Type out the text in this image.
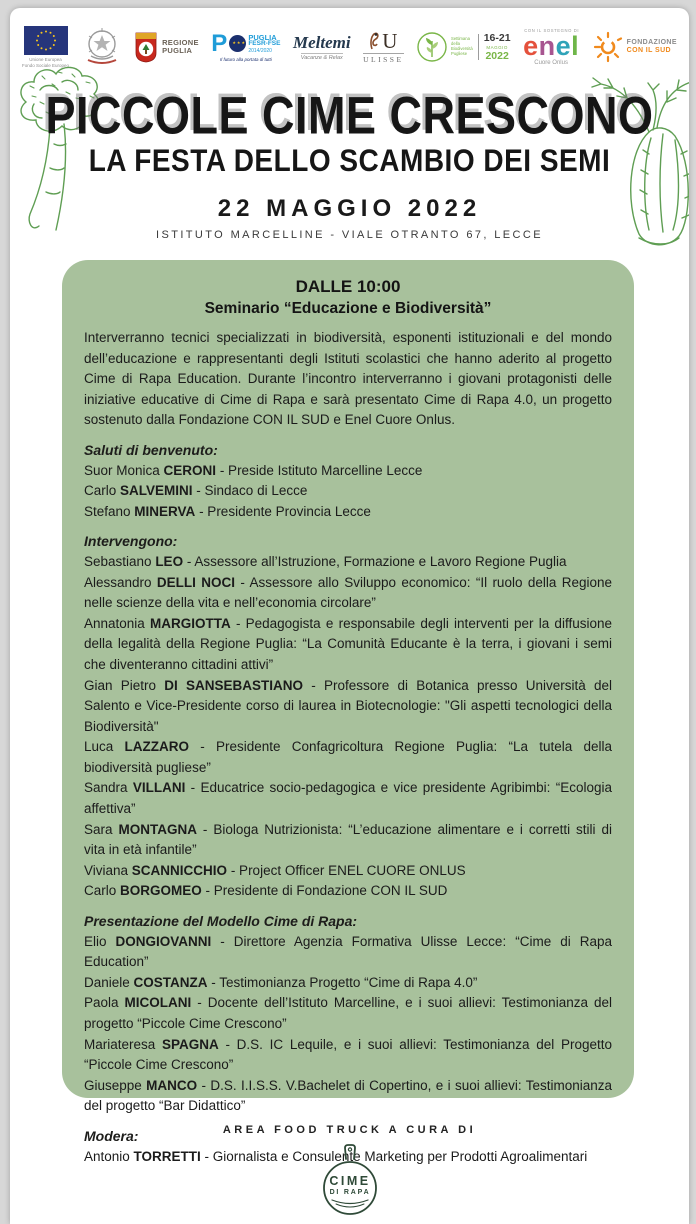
Unione Europea
Fondo Sociale Europeo
REGIONE
PUGLIA P ★★★
PUGLIA
FESR-FSE
2014/2020
Il futuro alla portata di tutti
Meltemi
Vacanze & Relax
U
ULISSE
Settimana
della
Biodiversità
Pugliese
16-21
MAGGIO
2022
CON IL SOSTEGNO DI
enel
Cuore Onlus
FONDAZIONE
CON IL SUD
PICCOLE CIME CRESCONO
LA FESTA DELLO SCAMBIO DEI SEMI
22 MAGGIO 2022
ISTITUTO MARCELLINE - VIALE OTRANTO 67, LECCE
DALLE 10:00
Seminario “Educazione e Biodiversità”
Interverranno tecnici specializzati in biodiversità, esponenti istituzionali e del mondo dell’educazione e rappresentanti degli Istituti scolastici che hanno aderito al progetto Cime di Rapa Education. Durante l’incontro interverranno i giovani protagonisti delle iniziative educative di Cime di Rapa e sarà presentato Cime di Rapa 4.0, un progetto sostenuto dalla Fondazione CON IL SUD e Enel Cuore Onlus.
Saluti di benvenuto:
Suor Monica CERONI - Preside Istituto Marcelline Lecce
Carlo SALVEMINI - Sindaco di Lecce
Stefano MINERVA - Presidente Provincia Lecce
Intervengono:
Sebastiano LEO - Assessore all’Istruzione, Formazione e Lavoro Regione Puglia
Alessandro DELLI NOCI - Assessore allo Sviluppo economico: “Il ruolo della Regione nelle scienze della vita e nell’economia circolare”
Annatonia MARGIOTTA - Pedagogista e responsabile degli interventi per la diffusione della legalità della Regione Puglia: “La Comunità Educante è la terra, i giovani i semi che diventeranno cittadini attivi”
Gian Pietro DI SANSEBASTIANO - Professore di Botanica presso Università del Salento e Vice-Presidente corso di laurea in Biotecnologie: "Gli aspetti tecnologici della Biodiversità"
Luca LAZZARO - Presidente Confagricoltura Regione Puglia: “La tutela della biodiversità pugliese”
Sandra VILLANI - Educatrice socio-pedagogica e vice presidente Agribimbi: “Ecologia affettiva”
Sara MONTAGNA - Biologa Nutrizionista: “L’educazione alimentare e i corretti stili di vita in età infantile”
Viviana SCANNICCHIO - Project Officer ENEL CUORE ONLUS
Carlo BORGOMEO - Presidente di Fondazione CON IL SUD
Presentazione del Modello Cime di Rapa:
Elio DONGIOVANNI - Direttore Agenzia Formativa Ulisse Lecce: “Cime di Rapa Education”
Daniele COSTANZA - Testimonianza Progetto “Cime di Rapa 4.0”
Paola MICOLANI - Docente dell’Istituto Marcelline, e i suoi allievi: Testimonianza del progetto “Piccole Cime Crescono”
Mariateresa SPAGNA - D.S. IC Lequile, e i suoi allievi: Testimonianza del Progetto “Piccole Cime Crescono”
Giuseppe MANCO - D.S. I.I.S.S. V.Bachelet di Copertino, e i suoi allievi: Testimonianza del progetto “Bar Didattico”
Modera:
Antonio TORRETTI - Giornalista e Consulente Marketing per Prodotti Agroalimentari
AREA FOOD TRUCK A CURA DI
CIME
DI RAPA
